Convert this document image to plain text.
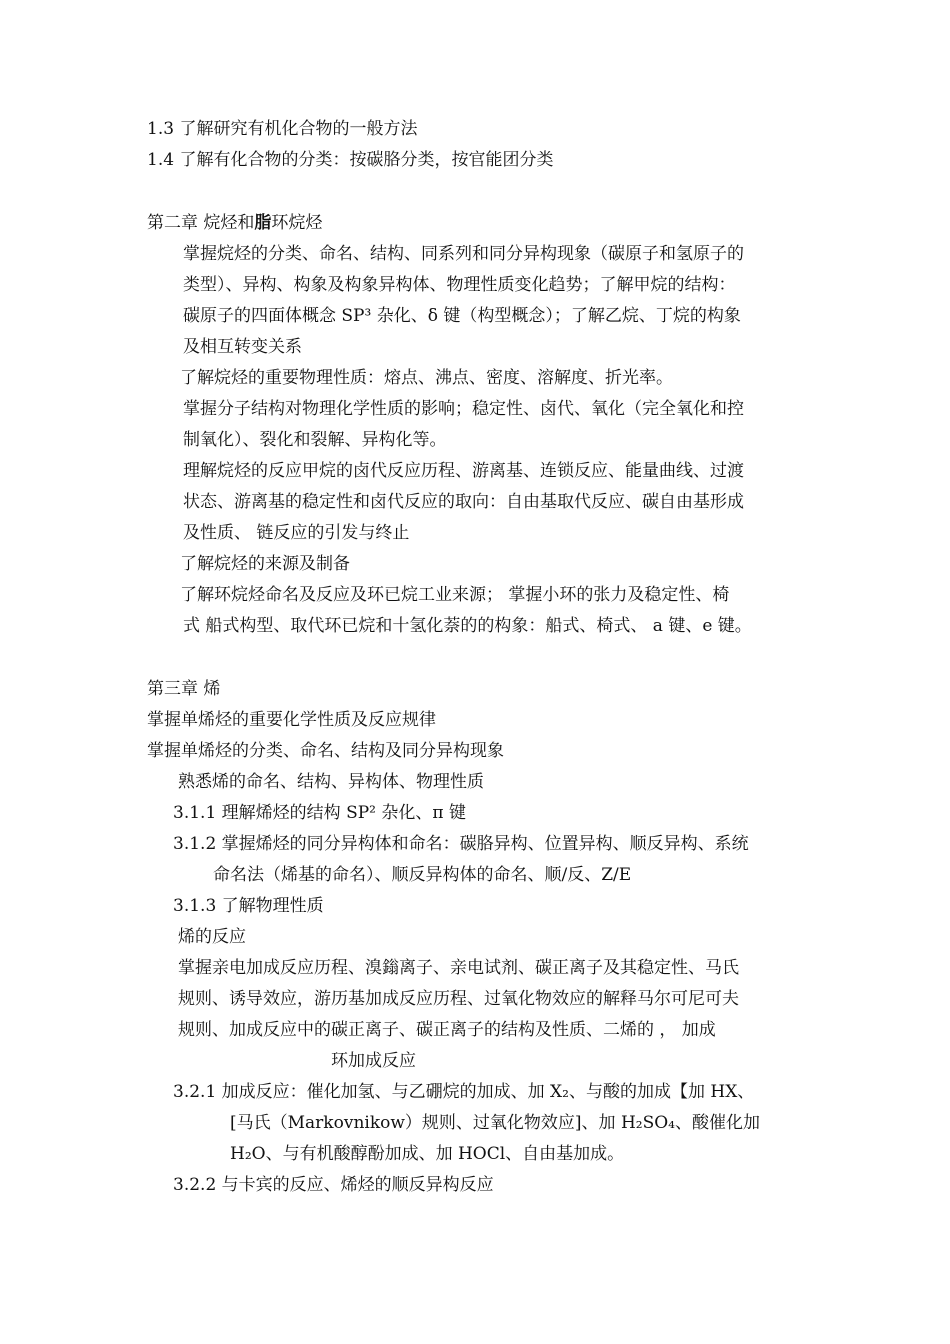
1.3 了解研究有机化合物的一般方法
1.4 了解有化合物的分类：按碳胳分类，按官能团分类
第二章 烷烃和脂环烷烃
掌握烷烃的分类、命名、结构、同系列和同分异构现象（碳原子和氢原子的
类型）、异构、构象及构象异构体、物理性质变化趋势；了解甲烷的结构：
碳原子的四面体概念 SP³ 杂化、δ 键（构型概念）；了解乙烷、丁烷的构象
及相互转变关系
了解烷烃的重要物理性质：熔点、沸点、密度、溶解度、折光率。
掌握分子结构对物理化学性质的影响；稳定性、卤代、氧化（完全氧化和控
制氧化）、裂化和裂解、异构化等。
理解烷烃的反应甲烷的卤代反应历程、游离基、连锁反应、能量曲线、过渡
状态、游离基的稳定性和卤代反应的取向：自由基取代反应、碳自由基形成
及性质、 链反应的引发与终止
了解烷烃的来源及制备
了解环烷烃命名及反应及环已烷工业来源； 掌握小环的张力及稳定性、椅
式 船式构型、取代环已烷和十氢化萘的的构象：船式、椅式、 a 键、e 键。
第三章 烯
掌握单烯烃的重要化学性质及反应规律
掌握单烯烃的分类、命名、结构及同分异构现象
熟悉烯的命名、结构、异构体、物理性质
3.1.1 理解烯烃的结构 SP² 杂化、π 键
3.1.2 掌握烯烃的同分异构体和命名：碳胳异构、位置异构、顺反异构、系统
命名法（烯基的命名）、顺反异构体的命名、顺/反、Z/E
3.1.3 了解物理性质
烯的反应
掌握亲电加成反应历程、溴鎓离子、亲电试剂、碳正离子及其稳定性、马氏
规则、诱导效应，游历基加成反应历程、过氧化物效应的解释马尔可尼可夫
规则、加成反应中的碳正离子、碳正离子的结构及性质、二烯的 ， 加成
环加成反应
3.2.1 加成反应：催化加氢、与乙硼烷的加成、加 X₂、与酸的加成【加 HX、
[马氏（Markovnikow）规则、过氧化物效应]、加 H₂SO₄、酸催化加
H₂O、与有机酸醇酚加成、加 HOCl、自由基加成。
3.2.2 与卡宾的反应、烯烃的顺反异构反应
